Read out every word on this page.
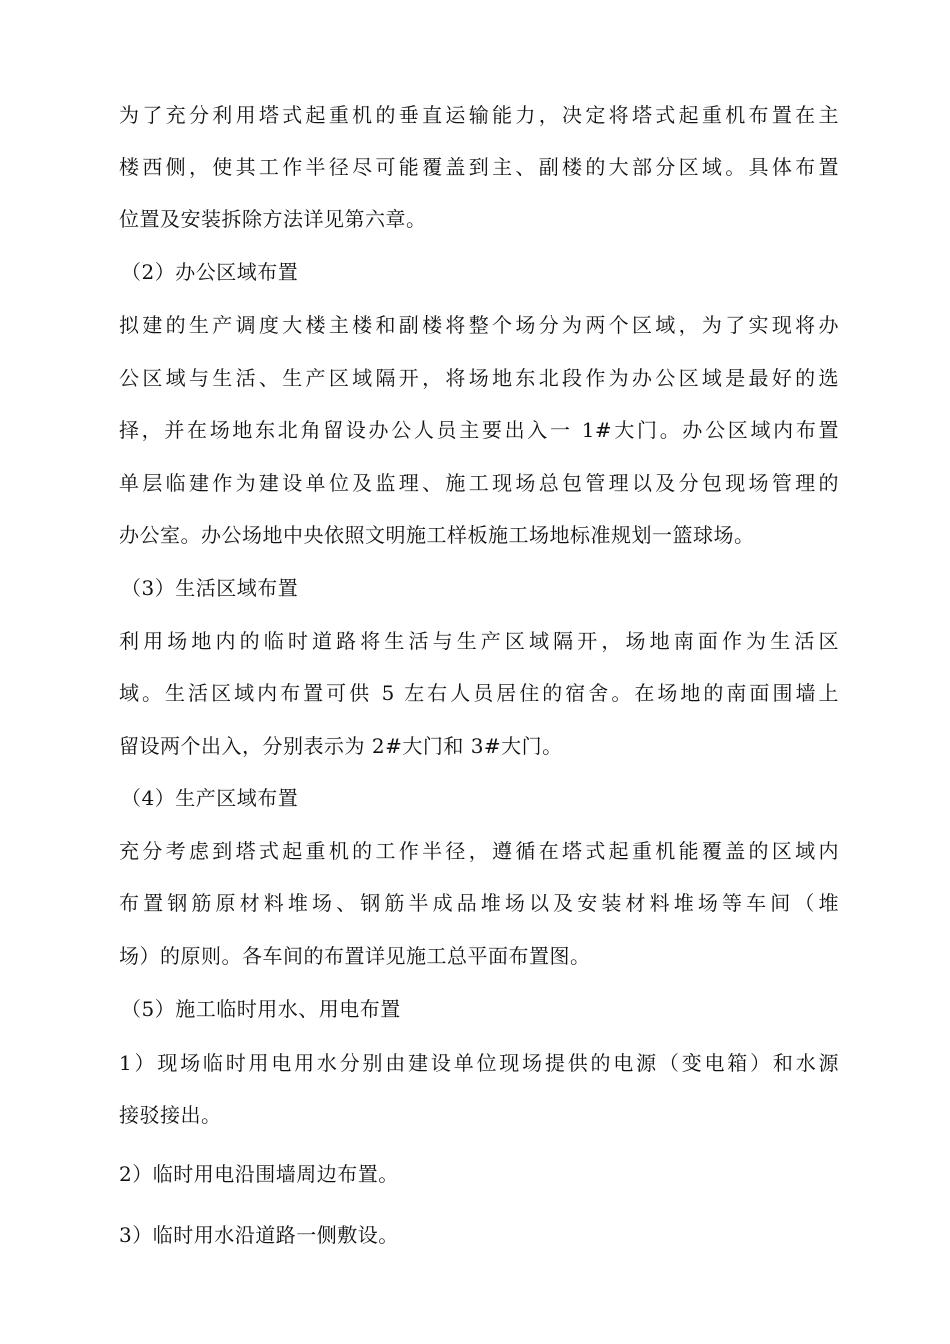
为了充分利用塔式起重机的垂直运输能力，决定将塔式起重机布置在主
楼西侧，使其工作半径尽可能覆盖到主、副楼的大部分区域。具体布置
位置及安装拆除方法详见第六章。
（2）办公区域布置
拟建的生产调度大楼主楼和副楼将整个场分为两个区域，为了实现将办
公区域与生活、生产区域隔开，将场地东北段作为办公区域是最好的选
择，并在场地东北角留设办公人员主要出入一 1#大门。办公区域内布置
单层临建作为建设单位及监理、施工现场总包管理以及分包现场管理的
办公室。办公场地中央依照文明施工样板施工场地标准规划一篮球场。
（3）生活区域布置
利用场地内的临时道路将生活与生产区域隔开，场地南面作为生活区
域。生活区域内布置可供 5 左右人员居住的宿舍。在场地的南面围墙上
留设两个出入，分别表示为 2#大门和 3#大门。
（4）生产区域布置
充分考虑到塔式起重机的工作半径，遵循在塔式起重机能覆盖的区域内
布置钢筋原材料堆场、钢筋半成品堆场以及安装材料堆场等车间（堆
场）的原则。各车间的布置详见施工总平面布置图。
（5）施工临时用水、用电布置
1）现场临时用电用水分别由建设单位现场提供的电源（变电箱）和水源
接驳接出。
2）临时用电沿围墙周边布置。
3）临时用水沿道路一侧敷设。
